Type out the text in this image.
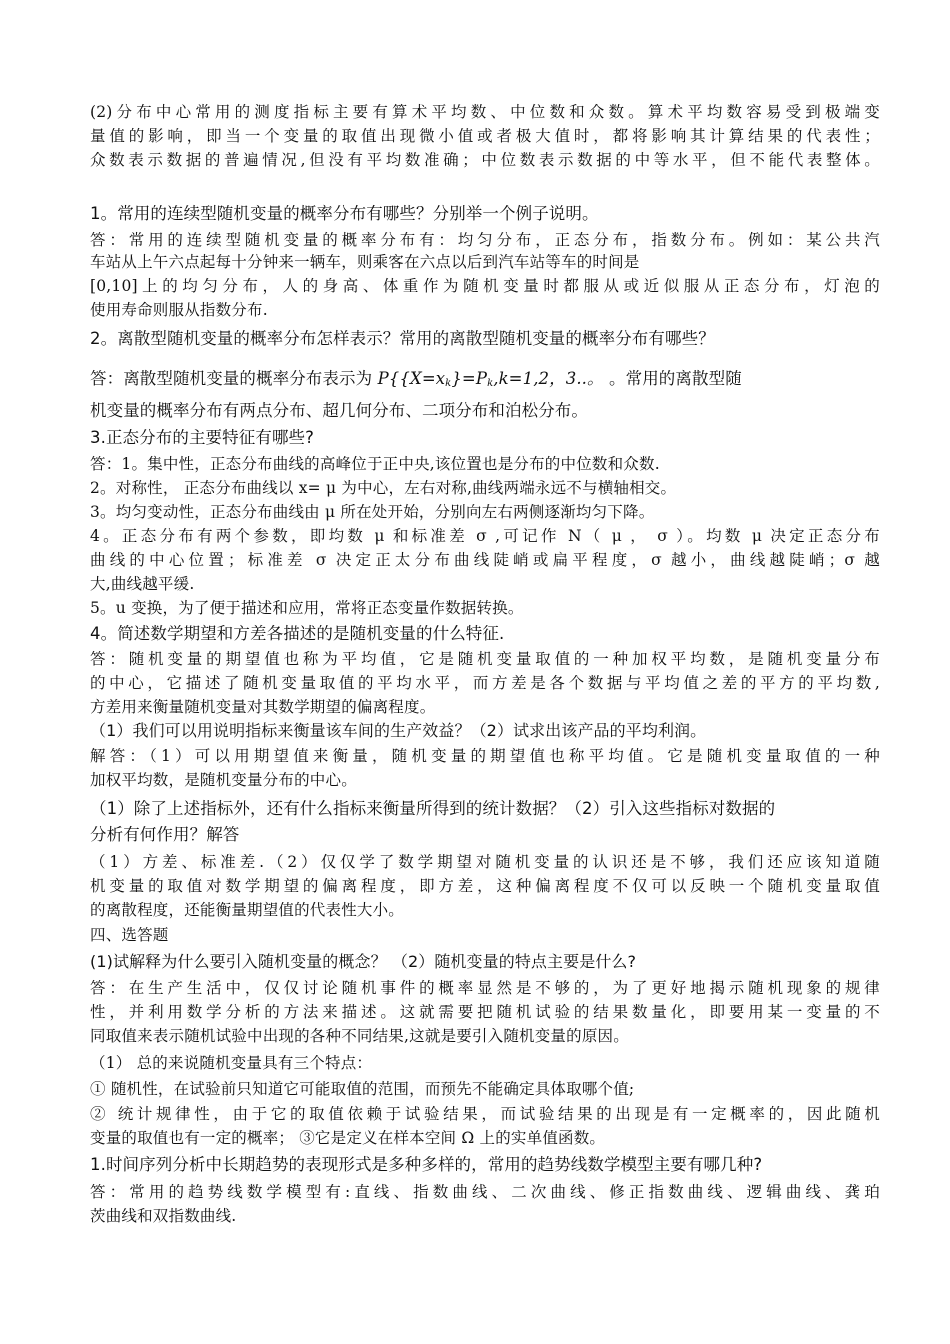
(2)分布中心常用的测度指标主要有算术平均数、中位数和众数。算术平均数容易受到极端变
量值的影响，即当一个变量的取值出现微小值或者极大值时，都将影响其计算结果的代表性；
众数表示数据的普遍情况,但没有平均数准确；中位数表示数据的中等水平，但不能代表整体。
1。常用的连续型随机变量的概率分布有哪些？分别举一个例子说明。
答：常用的连续型随机变量的概率分布有：均匀分布，正态分布，指数分布。例如：某公共汽
车站从上午六点起每十分钟来一辆车，则乘客在六点以后到汽车站等车的时间是
[0,10]上的均匀分布，人的身高、体重作为随机变量时都服从或近似服从正态分布，灯泡的
使用寿命则服从指数分布.
2。离散型随机变量的概率分布怎样表示？常用的离散型随机变量的概率分布有哪些？
答：离散型随机变量的概率分布表示为 $P\{\{X=x_k\}=P_k,k=1,2$，3..。 。常用的离散型随
机变量的概率分布有两点分布、超几何分布、二项分布和泊松分布。
3.正态分布的主要特征有哪些?
答：1。集中性，正态分布曲线的高峰位于正中央,该位置也是分布的中位数和众数.
2。对称性， 正态分布曲线以 x= μ 为中心，左右对称,曲线两端永远不与横轴相交。
3。均匀变动性，正态分布曲线由 μ 所在处开始，分别向左右两侧逐渐均匀下降。
4。正态分布有两个参数，即均数 μ 和标准差 σ ,可记作 N（ μ ， σ ）。均数 μ 决定正态分布
曲线的中心位置；标准差 σ 决定正太分布曲线陡峭或扁平程度，σ 越小，曲线越陡峭；σ 越
大,曲线越平缓.
5。u 变换，为了便于描述和应用，常将正态变量作数据转换。
4。简述数学期望和方差各描述的是随机变量的什么特征.
答：随机变量的期望值也称为平均值，它是随机变量取值的一种加权平均数，是随机变量分布
的中心，它描述了随机变量取值的平均水平，而方差是各个数据与平均值之差的平方的平均数,
方差用来衡量随机变量对其数学期望的偏离程度。
（1）我们可以用说明指标来衡量该车间的生产效益？（2）试求出该产品的平均利润。
解答：（1）可以用期望值来衡量，随机变量的期望值也称平均值。它是随机变量取值的一种
加权平均数，是随机变量分布的中心。
（1）除了上述指标外，还有什么指标来衡量所得到的统计数据？（2）引入这些指标对数据的
分析有何作用？解答
（1）方差、标准差.（2）仅仅学了数学期望对随机变量的认识还是不够，我们还应该知道随
机变量的取值对数学期望的偏离程度，即方差，这种偏离程度不仅可以反映一个随机变量取值
的离散程度，还能衡量期望值的代表性大小。
四、选答题
(1)试解释为什么要引入随机变量的概念？ （2）随机变量的特点主要是什么?
答：在生产生活中，仅仅讨论随机事件的概率显然是不够的，为了更好地揭示随机现象的规律
性，并利用数学分析的方法来描述。这就需要把随机试验的结果数量化，即要用某一变量的不
同取值来表示随机试验中出现的各种不同结果,这就是要引入随机变量的原因。
（1） 总的来说随机变量具有三个特点：
① 随机性，在试验前只知道它可能取值的范围，而预先不能确定具体取哪个值;
② 统计规律性，由于它的取值依赖于试验结果，而试验结果的出现是有一定概率的，因此随机
变量的取值也有一定的概率； ③它是定义在样本空间 Ω 上的实单值函数。
1.时间序列分析中长期趋势的表现形式是多种多样的，常用的趋势线数学模型主要有哪几种?
答：常用的趋势线数学模型有:直线、指数曲线、二次曲线、修正指数曲线、逻辑曲线、龚珀
茨曲线和双指数曲线.
